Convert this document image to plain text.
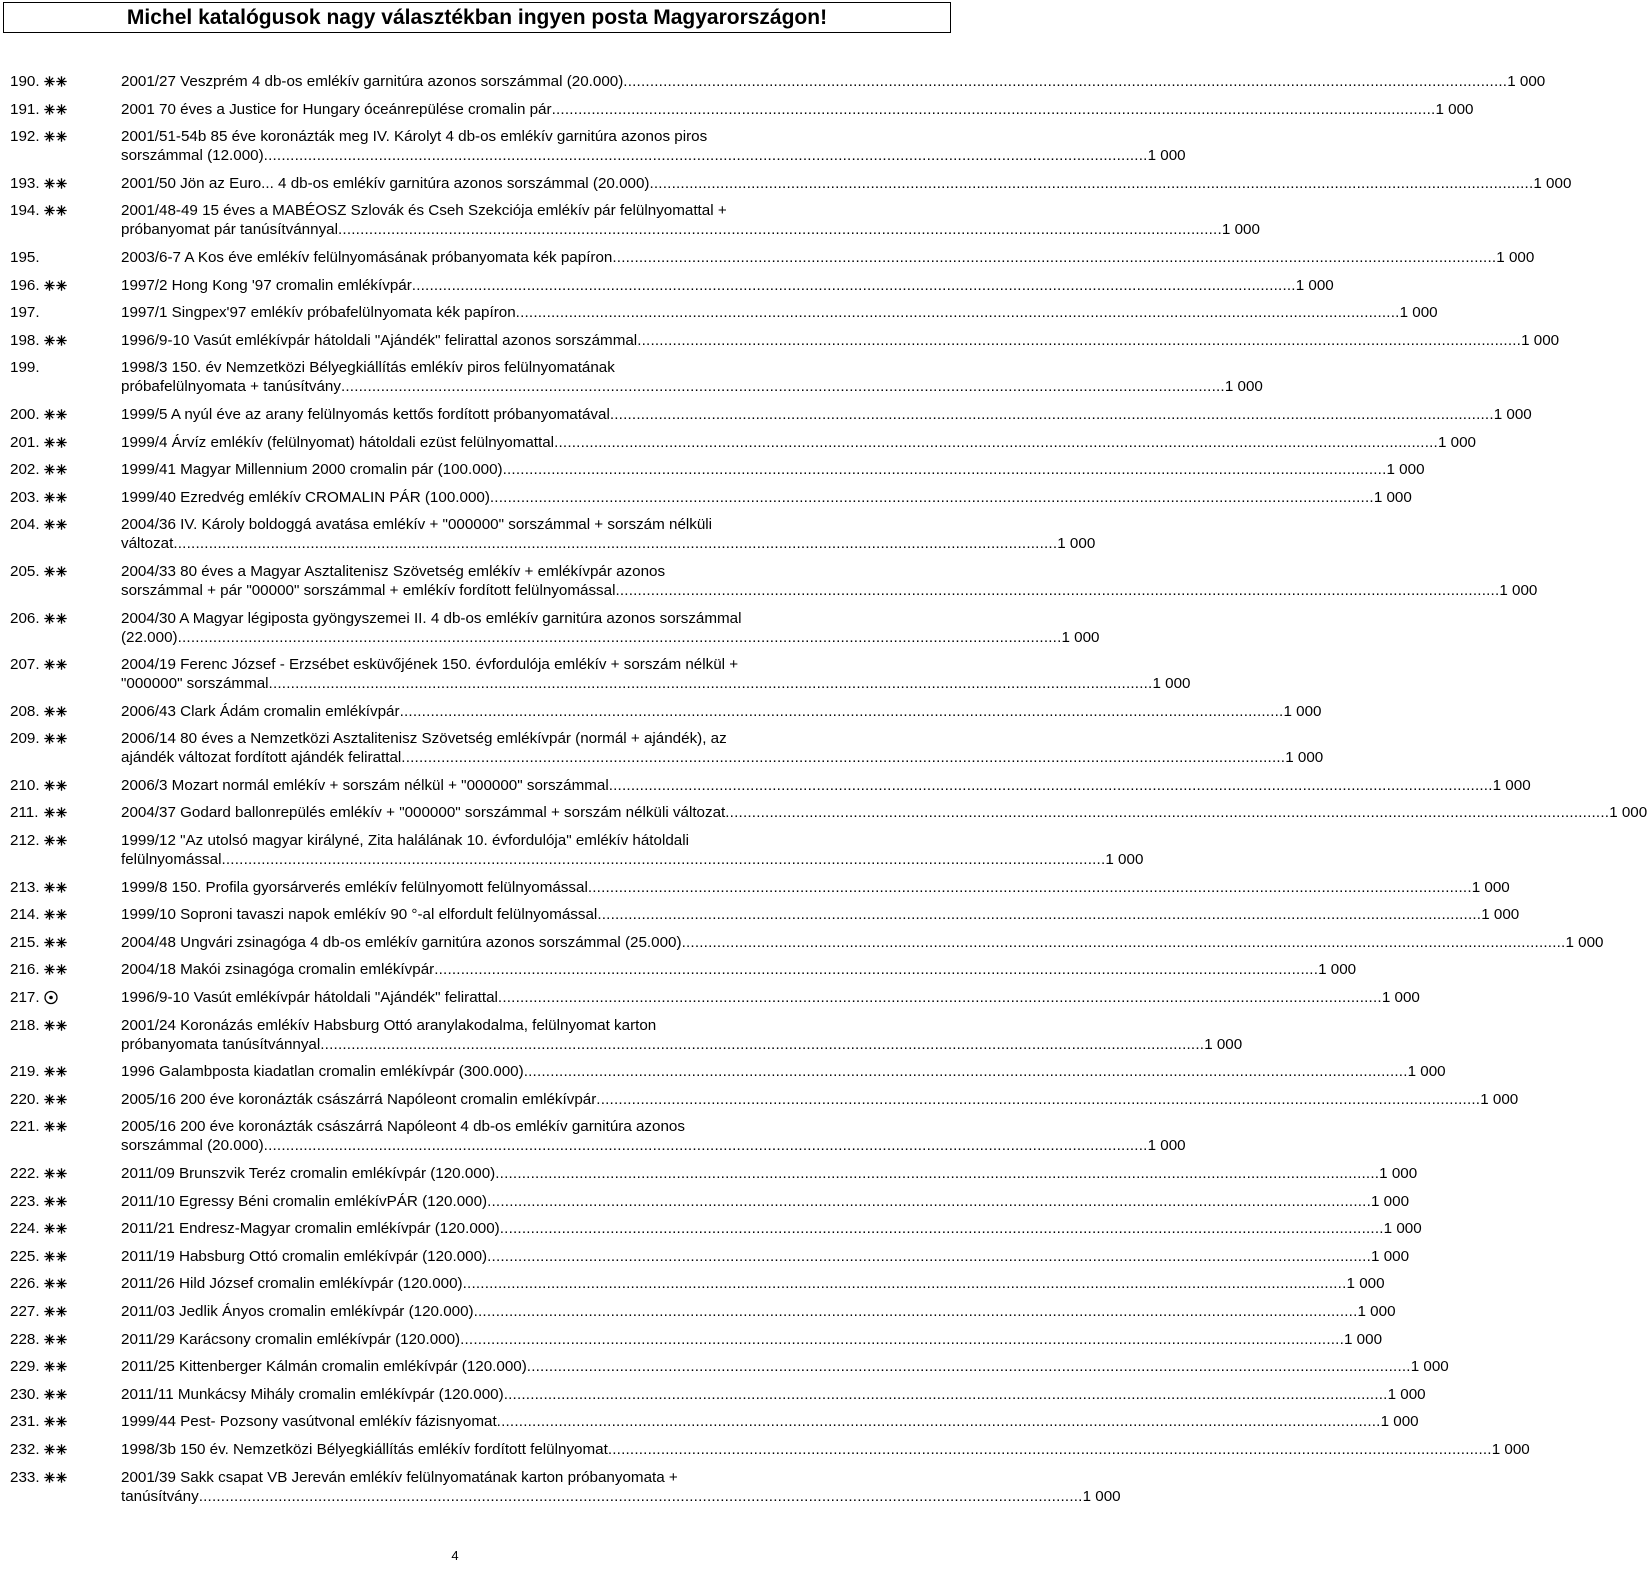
Michel katalógusok nagy választékban ingyen posta Magyarországon!
190.	2001/27 Veszprém 4 db-os emlékív garnitúra azonos sorszámmal (20.000) ........................................................................................................................................................................................................ 1 000
191.	2001 70 éves a Justice for Hungary óceánrepülése cromalin pár ........................................................................................................................................................................................................ 1 000
192.	2001/51-54b 85 éve koronázták meg IV. Károlyt 4 db-os emlékív garnitúra azonos piros
sorszámmal (12.000) ........................................................................................................................................................................................................ 1 000
193.	2001/50 Jön az Euro... 4 db-os emlékív garnitúra azonos sorszámmal (20.000) ........................................................................................................................................................................................................ 1 000
194.	2001/48-49 15 éves a MABÉOSZ Szlovák és Cseh Szekciója emlékív pár felülnyomattal +
próbanyomat pár tanúsítvánnyal ........................................................................................................................................................................................................ 1 000
195.	2003/6-7 A Kos éve emlékív felülnyomásának próbanyomata kék papíron ........................................................................................................................................................................................................ 1 000
196.	1997/2 Hong Kong '97 cromalin emlékívpár ........................................................................................................................................................................................................ 1 000
197.	1997/1 Singpex'97 emlékív próbafelülnyomata kék papíron ........................................................................................................................................................................................................ 1 000
198.	1996/9-10 Vasút emlékívpár hátoldali "Ajándék" felirattal azonos sorszámmal ........................................................................................................................................................................................................ 1 000
199.	1998/3 150. év Nemzetközi Bélyegkiállítás emlékív piros felülnyomatának
próbafelülnyomata + tanúsítvány ........................................................................................................................................................................................................ 1 000
200.	1999/5 A nyúl éve az arany felülnyomás kettős fordított próbanyomatával ........................................................................................................................................................................................................ 1 000
201.	1999/4 Árvíz emlékív (felülnyomat) hátoldali ezüst felülnyomattal ........................................................................................................................................................................................................ 1 000
202.	1999/41 Magyar Millennium 2000 cromalin pár (100.000) ........................................................................................................................................................................................................ 1 000
203.	1999/40 Ezredvég emlékív CROMALIN PÁR (100.000) ........................................................................................................................................................................................................ 1 000
204.	2004/36 IV. Károly boldoggá avatása emlékív + "000000" sorszámmal + sorszám nélküli
változat ........................................................................................................................................................................................................ 1 000
205.	2004/33 80 éves a Magyar Asztalitenisz Szövetség emlékív + emlékívpár azonos
sorszámmal + pár "00000" sorszámmal + emlékív fordított felülnyomással ........................................................................................................................................................................................................ 1 000
206.	2004/30 A Magyar légiposta gyöngyszemei II. 4 db-os emlékív garnitúra azonos sorszámmal
(22.000) ........................................................................................................................................................................................................ 1 000
207.	2004/19 Ferenc József - Erzsébet esküvőjének 150. évfordulója emlékív + sorszám nélkül +
"000000" sorszámmal ........................................................................................................................................................................................................ 1 000
208.	2006/43 Clark Ádám cromalin emlékívpár ........................................................................................................................................................................................................ 1 000
209.	2006/14 80 éves a Nemzetközi Asztalitenisz Szövetség emlékívpár (normál + ajándék), az
ajándék változat fordított ajándék felirattal ........................................................................................................................................................................................................ 1 000
210.	2006/3 Mozart normál emlékív + sorszám nélkül + "000000" sorszámmal ........................................................................................................................................................................................................ 1 000
211.	2004/37 Godard ballonrepülés emlékív + "000000" sorszámmal + sorszám nélküli változat ........................................................................................................................................................................................................ 1 000
212.	1999/12 "Az utolsó magyar királyné, Zita halálának 10. évfordulója" emlékív hátoldali
felülnyomással ........................................................................................................................................................................................................ 1 000
213.	1999/8 150. Profila gyorsárverés emlékív felülnyomott felülnyomással ........................................................................................................................................................................................................ 1 000
214.	1999/10 Soproni tavaszi napok emlékív 90 °-al elfordult felülnyomással ........................................................................................................................................................................................................ 1 000
215.	2004/48 Ungvári zsinagóga 4 db-os emlékív garnitúra azonos sorszámmal (25.000) ........................................................................................................................................................................................................ 1 000
216.	2004/18 Makói zsinagóga cromalin emlékívpár ........................................................................................................................................................................................................ 1 000
217.	1996/9-10 Vasút emlékívpár hátoldali "Ajándék" felirattal ........................................................................................................................................................................................................ 1 000
218.	2001/24 Koronázás emlékív Habsburg Ottó aranylakodalma, felülnyomat karton
próbanyomata tanúsítvánnyal ........................................................................................................................................................................................................ 1 000
219.	1996 Galambposta kiadatlan cromalin emlékívpár (300.000) ........................................................................................................................................................................................................ 1 000
220.	2005/16 200 éve koronázták császárrá Napóleont cromalin emlékívpár ........................................................................................................................................................................................................ 1 000
221.	2005/16 200 éve koronázták császárrá Napóleont 4 db-os emlékív garnitúra azonos
sorszámmal (20.000) ........................................................................................................................................................................................................ 1 000
222.	2011/09 Brunszvik Teréz cromalin emlékívpár (120.000) ........................................................................................................................................................................................................ 1 000
223.	2011/10 Egressy Béni cromalin emlékívPÁR (120.000) ........................................................................................................................................................................................................ 1 000
224.	2011/21 Endresz-Magyar cromalin emlékívpár (120.000) ........................................................................................................................................................................................................ 1 000
225.	2011/19 Habsburg Ottó cromalin emlékívpár (120.000) ........................................................................................................................................................................................................ 1 000
226.	2011/26 Hild József cromalin emlékívpár (120.000) ........................................................................................................................................................................................................ 1 000
227.	2011/03 Jedlik Ányos cromalin emlékívpár (120.000) ........................................................................................................................................................................................................ 1 000
228.	2011/29 Karácsony cromalin emlékívpár (120.000) ........................................................................................................................................................................................................ 1 000
229.	2011/25 Kittenberger Kálmán cromalin emlékívpár (120.000) ........................................................................................................................................................................................................ 1 000
230.	2011/11 Munkácsy Mihály cromalin emlékívpár (120.000) ........................................................................................................................................................................................................ 1 000
231.	1999/44 Pest- Pozsony vasútvonal emlékív fázisnyomat ........................................................................................................................................................................................................ 1 000
232.	1998/3b 150 év. Nemzetközi Bélyegkiállítás emlékív fordított felülnyomat ........................................................................................................................................................................................................ 1 000
233.	2001/39 Sakk csapat VB Jereván emlékív felülnyomatának karton próbanyomata +
tanúsítvány ........................................................................................................................................................................................................ 1 000
4
